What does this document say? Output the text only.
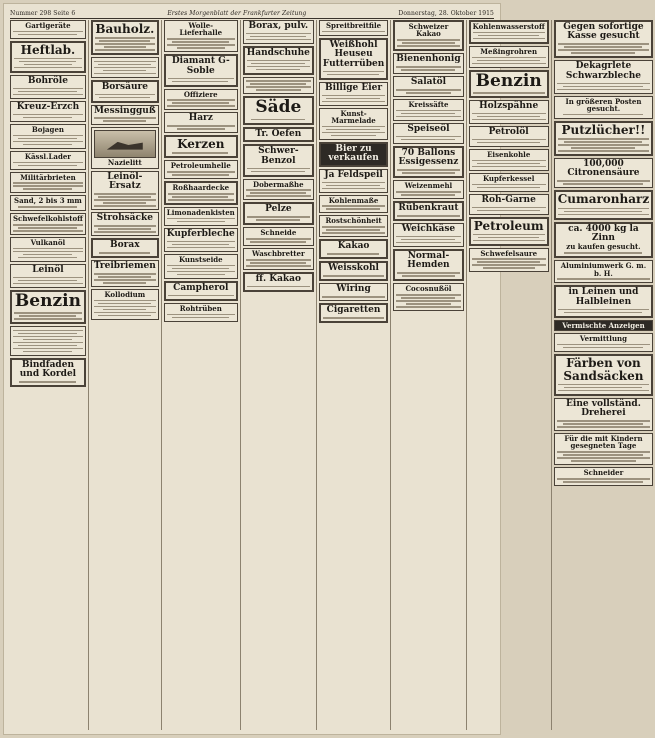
Nummer 298 Seite 6	Erstes Morgenblatt der Frankfurter Zeitung	Donnerstag, 28. Oktober 1915
Gartlgeräte
Heftlab.
Bohröle
Kreuz-Erzch
Bojagen
Kässl.Lader
Militärbrieten
Sand, 2 bis 3 mm
Schwefelkohlstoff
Vulkanöl
Leinöl
Benzin
Bindfaden und Kordel
Bauholz.
Borsäure
Messingguß
Nazielitt
Leinöl-Ersatz
Strohsäcke
Borax
Treibriemen
Kollodium
Wolle- Lieferhalle
Diamant G-Soble
Offiziere
Harz
Kerzen
Petroleumhelle
Roßhaardecke
Limonadenkisten
Kupferbleche
Kunstseide
Campherol
Rohtrüben
Borax, pulv.
Handschuhe
Säde
Tr. Oefen
Schwer-Benzol
Dobermaßhe
Pelze
Schneide
Waschbretter
ff. Kakao
Spreitbreitfile
Weißhohl Heuseu Futterrüben
Billige Eier
Kunst-Marmelade
Bier zu verkaufen
Ja Feldspeil
Kohlenmaße
Rostschönheit
Kakao
Weisskohl
Wiring
Cigaretten
Schweizer Kakao
Bienenhonig
Salatöl
Kreissäfte
Speiseöl
70 Ballons Essigessenz
Weizenmehl
Rübenkraut
Weichkäse
Normal-Hemden
Cocosnußöl
Kohlenwasserstoff
Meßingrohren
Benzin
Holzspähne
Petrolöl
Eisenkohle
Kupferkessel
Roh-Garne
Petroleum
Schwefelsaure
Gegen sofortige Kasse gesucht
Dekagrlete Schwarzbleche
In größeren Posten gesucht.
Putzlücher!!
100,000 Citronensäure
Cumaronharz
ca. 4000 kg la Zinn
zu kaufen gesucht.
Aluminiumwerk G. m. b. H.
in Leinen und Halbleinen
Vermischte Anzeigen
Vermittlung
Färben von Sandsäcken
Eine vollständ. Dreherei
Für die mit Kindern gesegneten Tage
Schneider
